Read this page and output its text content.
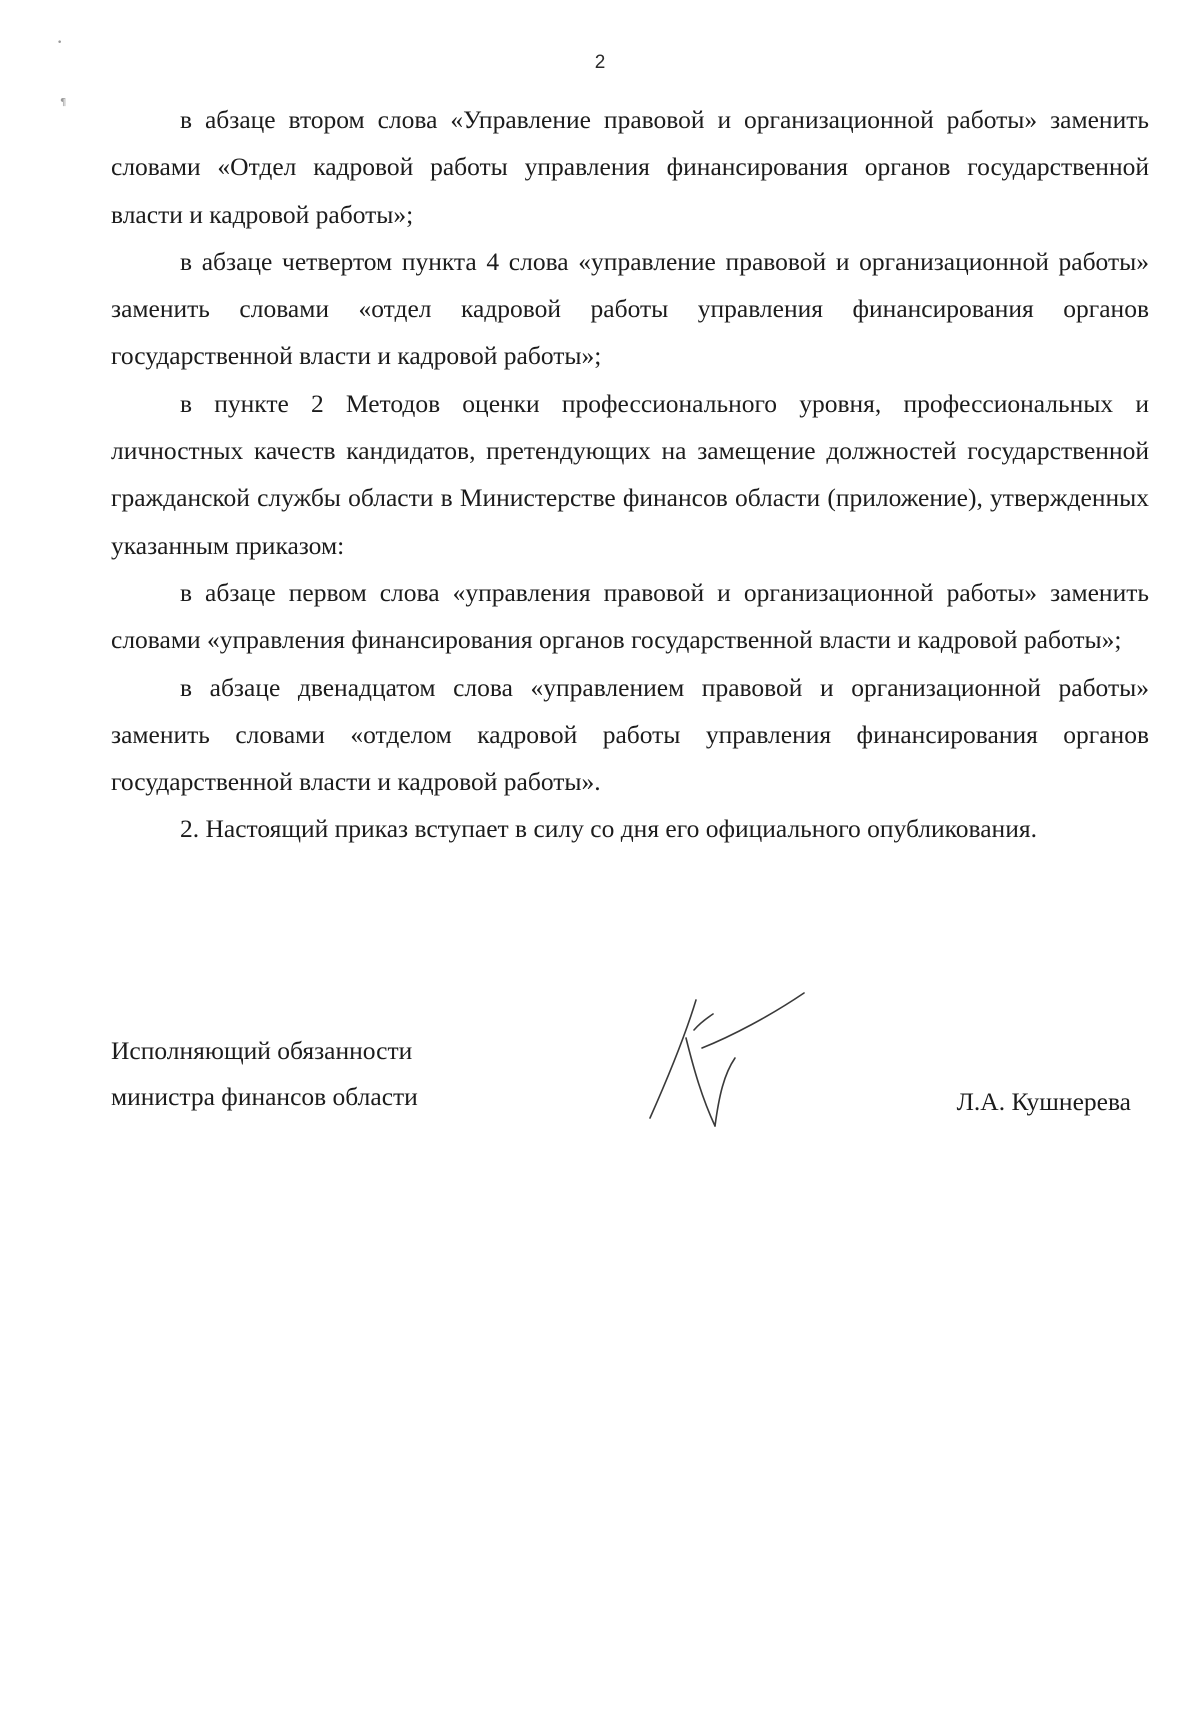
•
¶
2

в абзаце втором слова «Управление правовой и организационной работы» заменить словами «Отдел кадровой работы управления финансирования органов государственной власти и кадровой работы»;

в абзаце четвертом пункта 4 слова «управление правовой и организационной работы» заменить словами «отдел кадровой работы управления финансирования органов государственной власти и кадровой работы»;

в пункте 2 Методов оценки профессионального уровня, профессиональных и личностных качеств кандидатов, претендующих на замещение должностей государственной гражданской службы области в Министерстве финансов области (приложение), утвержденных указанным приказом:

в абзаце первом слова «управления правовой и организационной работы» заменить словами «управления финансирования органов государственной власти и кадровой работы»;

в абзаце двенадцатом слова «управлением правовой и организационной работы» заменить словами «отделом кадровой работы управления финансирования органов государственной власти и кадровой работы».

2. Настоящий приказ вступает в силу со дня его официального опубликования.

Исполняющий обязанности
министра финансов области	Л.А. Кушнерева
